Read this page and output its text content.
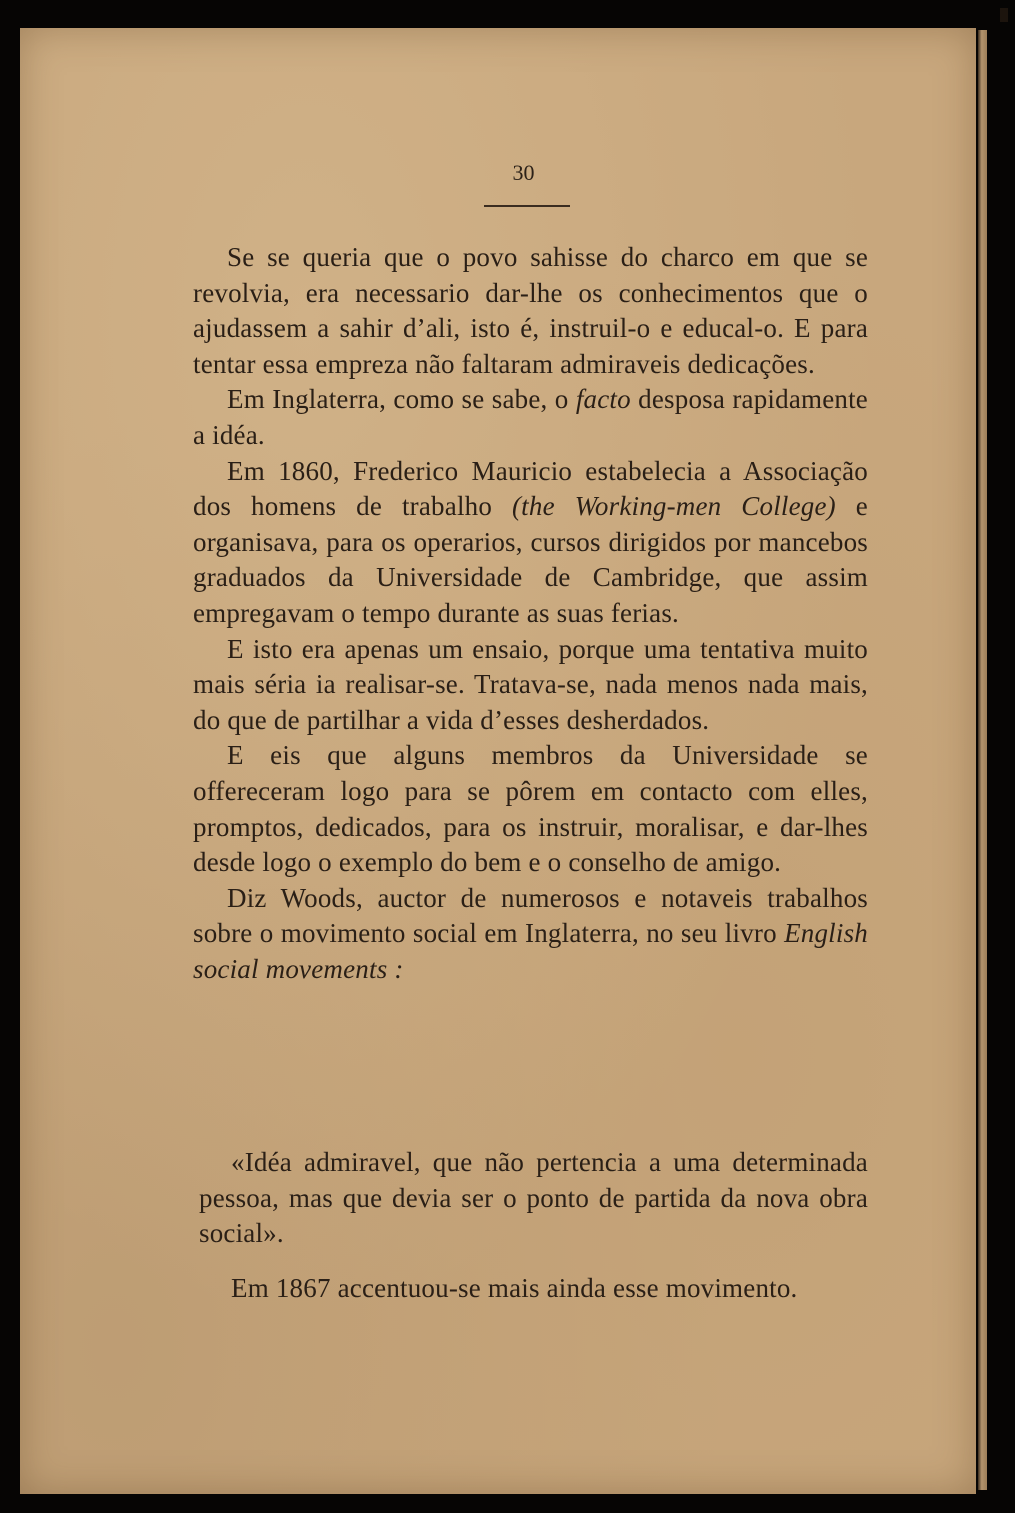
30

Se se queria que o povo sahisse do charco em que se revolvia, era necessario dar-lhe os conhecimentos que o ajudassem a sahir d’ali, isto é, instruil-o e educal-o. E para tentar essa empreza não faltaram admiraveis dedicações.

Em Inglaterra, como se sabe, o facto desposa rapidamente a idéa.

Em 1860, Frederico Mauricio estabelecia a Associação dos homens de trabalho (the Working-men College) e organisava, para os operarios, cursos dirigidos por mancebos graduados da Universidade de Cambridge, que assim empregavam o tempo durante as suas ferias.

E isto era apenas um ensaio, porque uma tentativa muito mais séria ia realisar-se. Tratava-se, nada menos nada mais, do que de partilhar a vida d’esses desherdados.

E eis que alguns membros da Universidade se offereceram logo para se pôrem em contacto com elles, promptos, dedicados, para os instruir, moralisar, e dar-lhes desde logo o exemplo do bem e o conselho de amigo.

Diz Woods, auctor de numerosos e notaveis trabalhos sobre o movimento social em Inglaterra, no seu livro English social movements :

«Idéa admiravel, que não pertencia a uma determinada pessoa, mas que devia ser o ponto de partida da nova obra social».

Em 1867 accentuou-se mais ainda esse movimento.
